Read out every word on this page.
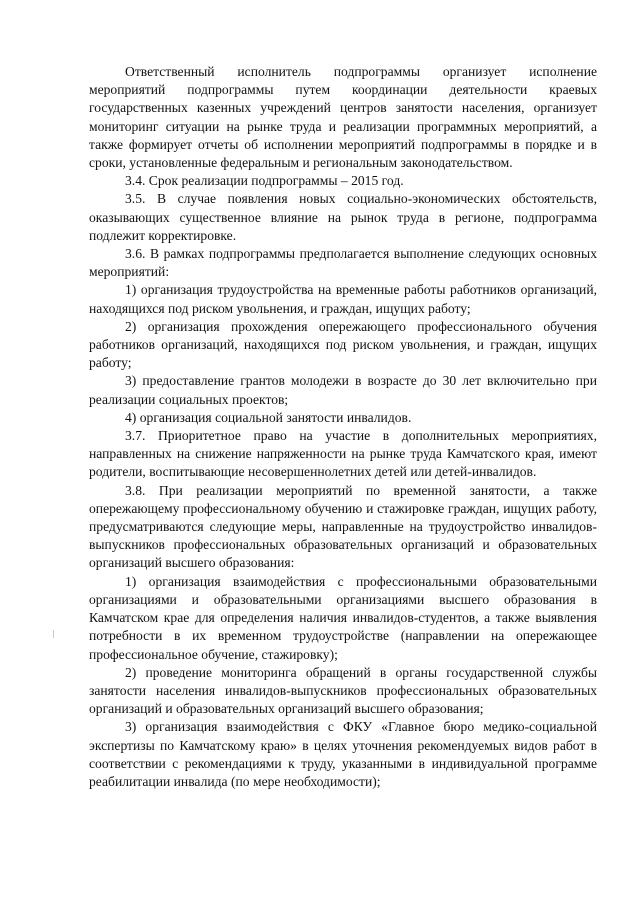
Ответственный исполнитель подпрограммы организует исполнение мероприятий подпрограммы путем координации деятельности краевых государственных казенных учреждений центров занятости населения, организует мониторинг ситуации на рынке труда и реализации программных мероприятий, а также формирует отчеты об исполнении мероприятий подпрограммы в порядке и в сроки, установленные федеральным и региональным законодательством.

3.4. Срок реализации подпрограммы – 2015 год.

3.5. В случае появления новых социально-экономических обстоятельств, оказывающих существенное влияние на рынок труда в регионе, подпрограмма подлежит корректировке.

3.6. В рамках подпрограммы предполагается выполнение следующих основных мероприятий:

1) организация трудоустройства на временные работы работников организаций, находящихся под риском увольнения, и граждан, ищущих работу;

2) организация прохождения опережающего профессионального обучения работников организаций, находящихся под риском увольнения, и граждан, ищущих работу;

3) предоставление грантов молодежи в возрасте до 30 лет включительно при реализации социальных проектов;

4) организация социальной занятости инвалидов.

3.7. Приоритетное право на участие в дополнительных мероприятиях, направленных на снижение напряженности на рынке труда Камчатского края, имеют родители, воспитывающие несовершеннолетних детей или детей-инвалидов.

3.8. При реализации мероприятий по временной занятости, а также опережающему профессиональному обучению и стажировке граждан, ищущих работу, предусматриваются следующие меры, направленные на трудоустройство инвалидов-выпускников профессиональных образовательных организаций и образовательных организаций высшего образования:

1) организация взаимодействия с профессиональными образовательными организациями и образовательными организациями высшего образования в Камчатском крае для определения наличия инвалидов-студентов, а также выявления потребности в их временном трудоустройстве (направлении на опережающее профессиональное обучение, стажировку);

2) проведение мониторинга обращений в органы государственной службы занятости населения инвалидов-выпускников профессиональных образовательных организаций и образовательных организаций высшего образования;

3) организация взаимодействия с ФКУ «Главное бюро медико-социальной экспертизы по Камчатскому краю» в целях уточнения рекомендуемых видов работ в соответствии с рекомендациями к труду, указанными в индивидуальной программе реабилитации инвалида (по мере необходимости);
